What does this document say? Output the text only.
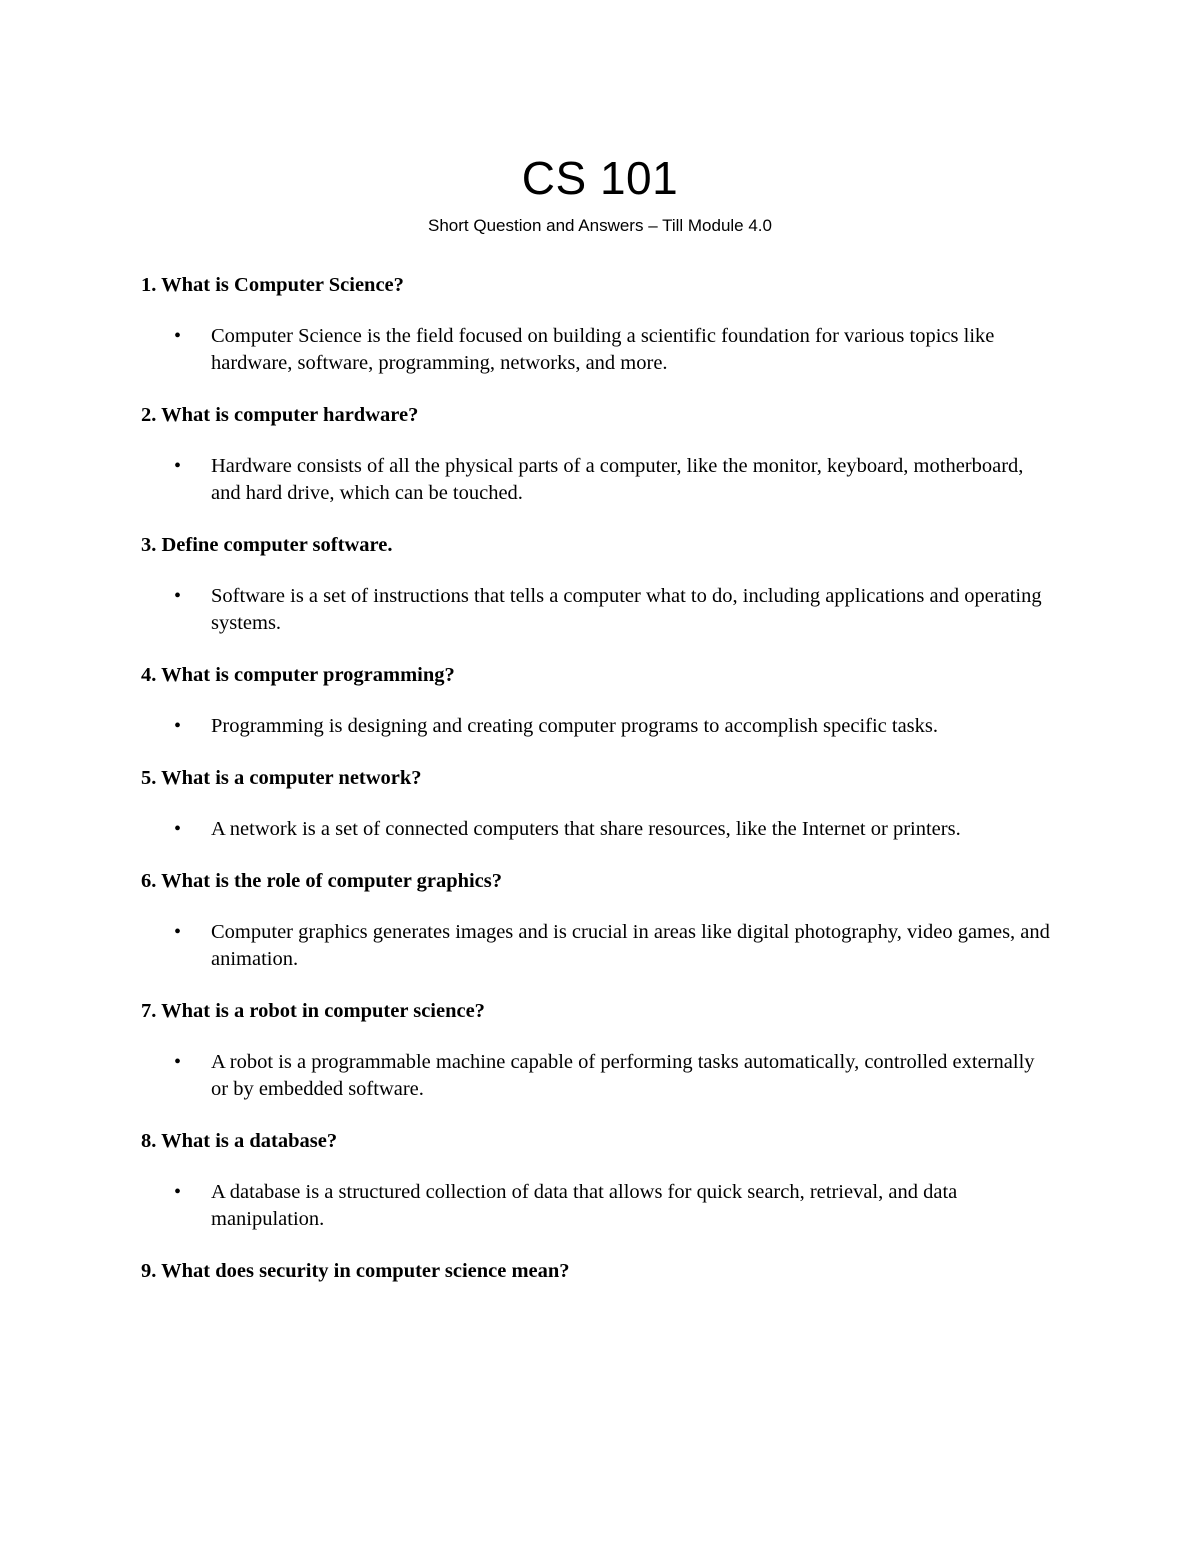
CS 101
Short Question and Answers – Till Module 4.0
1. What is Computer Science?
• Computer Science is the field focused on building a scientific foundation for various topics like hardware, software, programming, networks, and more.
2. What is computer hardware?
• Hardware consists of all the physical parts of a computer, like the monitor, keyboard, motherboard, and hard drive, which can be touched.
3. Define computer software.
• Software is a set of instructions that tells a computer what to do, including applications and operating systems.
4. What is computer programming?
• Programming is designing and creating computer programs to accomplish specific tasks.
5. What is a computer network?
• A network is a set of connected computers that share resources, like the Internet or printers.
6. What is the role of computer graphics?
• Computer graphics generates images and is crucial in areas like digital photography, video games, and animation.
7. What is a robot in computer science?
• A robot is a programmable machine capable of performing tasks automatically, controlled externally or by embedded software.
8. What is a database?
• A database is a structured collection of data that allows for quick search, retrieval, and data manipulation.
9. What does security in computer science mean?
